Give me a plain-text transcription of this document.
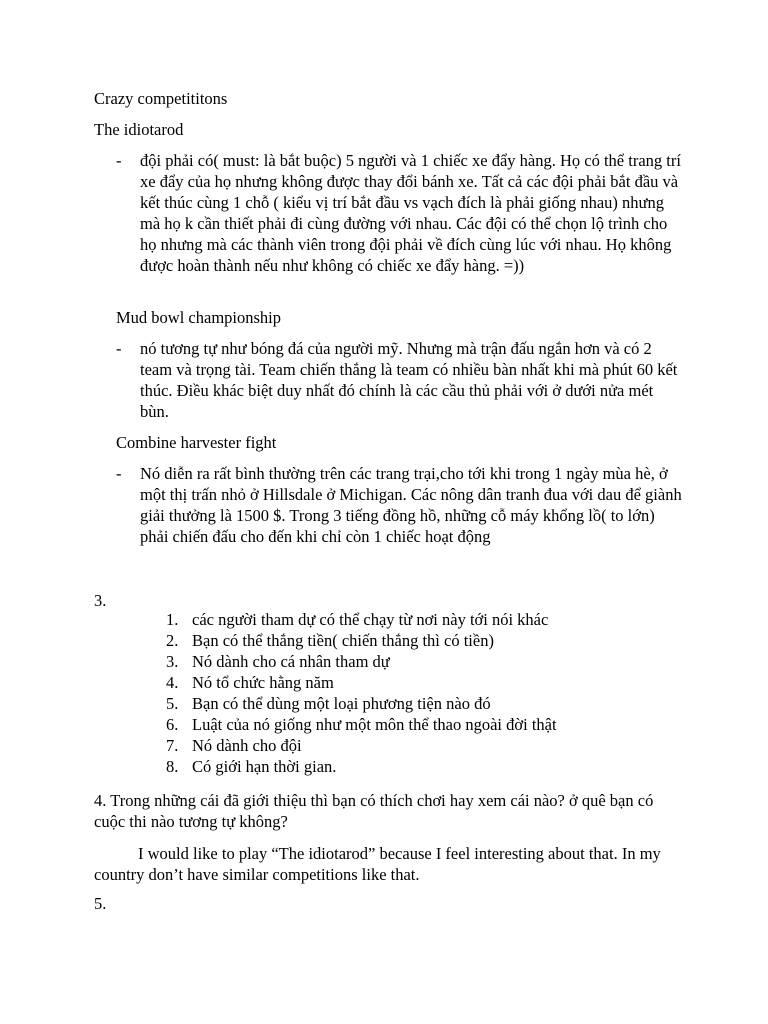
Crazy competititons
The idiotarod
- đội phải có( must: là bắt buộc) 5 người và 1 chiếc xe đẩy hàng. Họ có thể trang trí xe đẩy của họ nhưng không được thay đổi bánh xe. Tất cả các đội phải bắt đầu và kết thúc cùng 1 chỗ ( kiểu vị trí bắt đầu vs vạch đích là phải giống nhau) nhưng mà họ k cần thiết phải đi cùng đường với nhau. Các đội có thể chọn lộ trình cho họ nhưng mà các thành viên trong đội phải về đích cùng lúc với nhau. Họ không được hoàn thành nếu như không có chiếc xe đẩy hàng. =))
Mud bowl championship
- nó tương tự như bóng đá của người mỹ. Nhưng mà trận đấu ngắn hơn và có 2 team và trọng tài. Team chiến thắng là team có nhiều bàn nhất khi mà phút 60 kết thúc. Điều khác biệt duy nhất đó chính là các cầu thủ phải với ở dưới nửa mét bùn.
Combine harvester fight
- Nó diễn ra rất bình thường trên các trang trại,cho tới khi trong 1 ngày mùa hè, ở một thị trấn nhỏ ở Hillsdale ở Michigan. Các nông dân tranh đua với dau để giành giải thưởng là 1500 $. Trong 3 tiếng đồng hồ, những cỗ máy khổng lồ( to lớn) phải chiến đấu cho đến khi chỉ còn 1 chiếc hoạt động
3.
1. các người tham dự có thể chạy từ nơi này tới nói khác
2. Bạn có thể thắng tiền( chiến thắng thì có tiền)
3. Nó dành cho cá nhân tham dự
4. Nó tổ chức hằng năm
5. Bạn có thể dùng một loại phương tiện nào đó
6. Luật của nó giống như một môn thể thao ngoài đời thật
7. Nó dành cho đội
8. Có giới hạn thời gian.
4. Trong những cái đã giới thiệu thì bạn có thích chơi hay xem cái nào? ở quê bạn có cuộc thi nào tương tự không?
I would like to play “The idiotarod” because I feel interesting about that. In my country don’t have similar competitions like that.
5.
